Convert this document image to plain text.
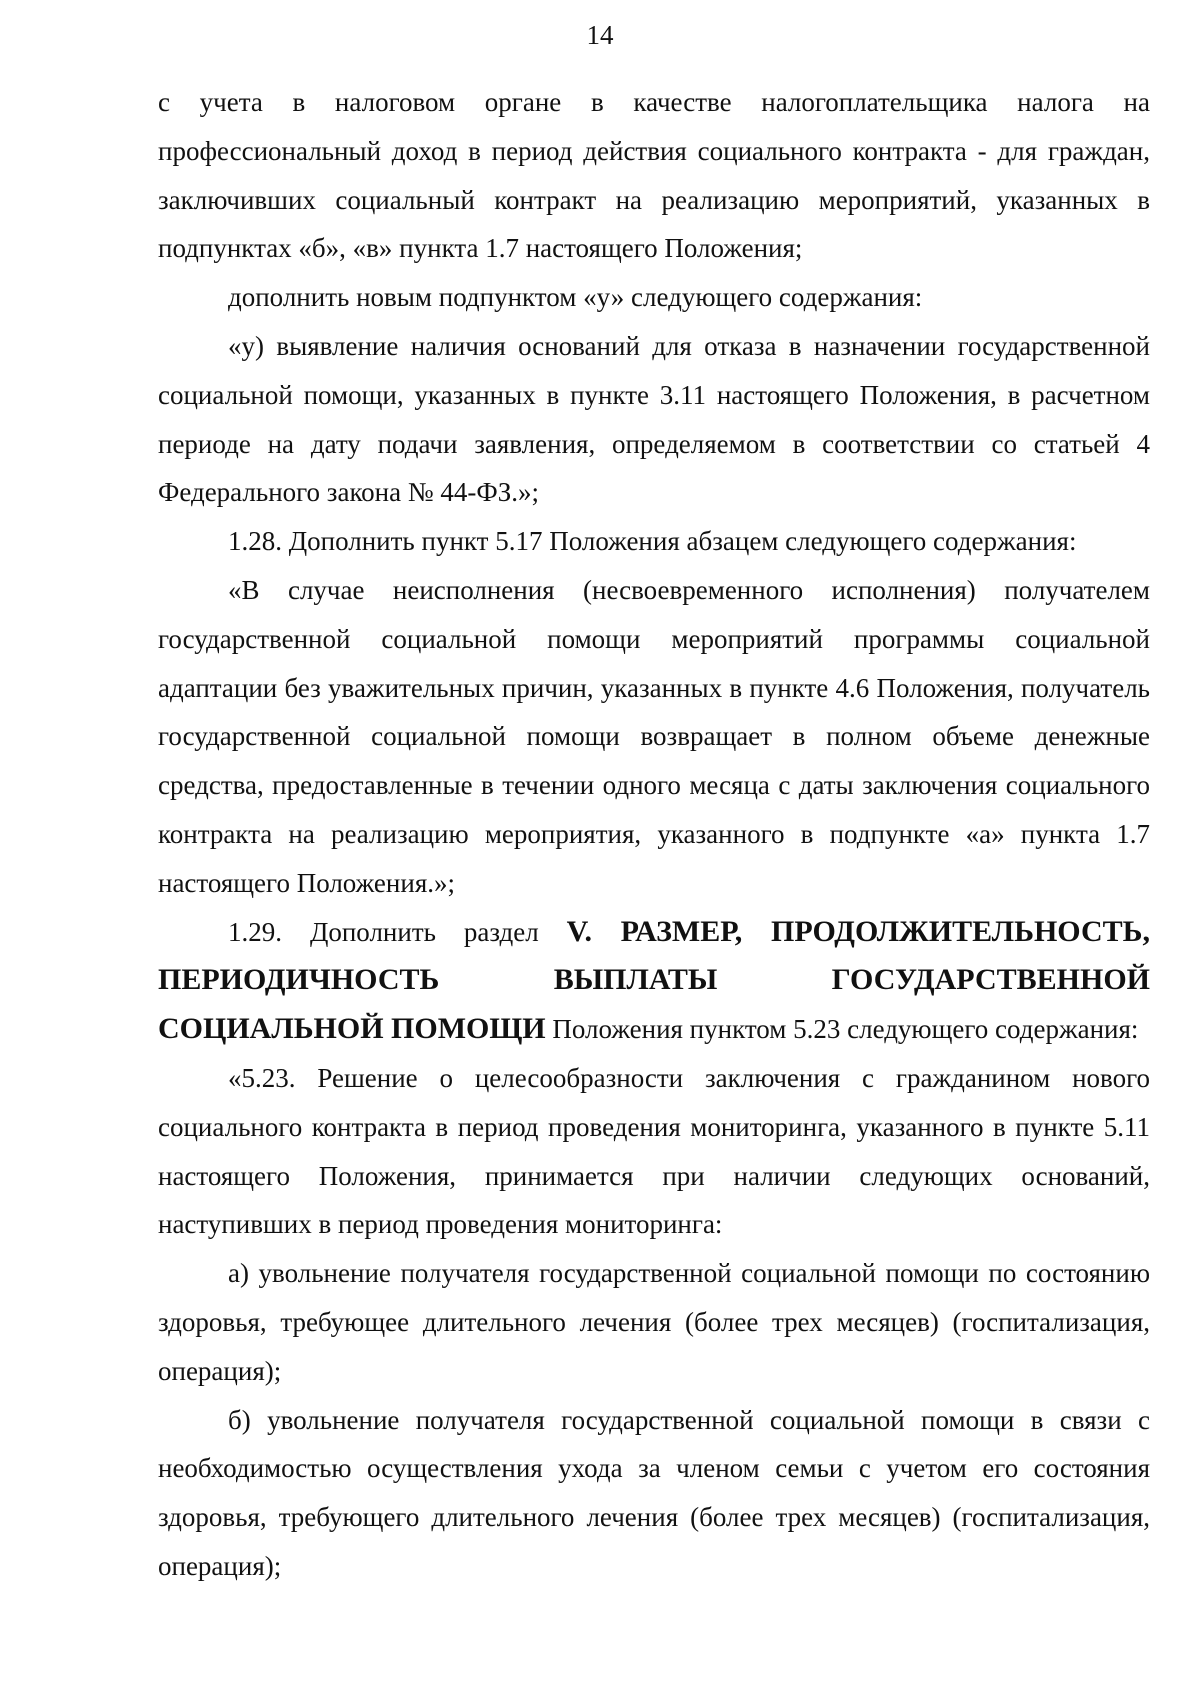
14

с учета в налоговом органе в качестве налогоплательщика налога на профессиональный доход в период действия социального контракта - для граждан, заключивших социальный контракт на реализацию мероприятий, указанных в подпунктах «б», «в» пункта 1.7 настоящего Положения;

дополнить новым подпунктом «у» следующего содержания:

«у) выявление наличия оснований для отказа в назначении государственной социальной помощи, указанных в пункте 3.11 настоящего Положения, в расчетном периоде на дату подачи заявления, определяемом в соответствии со статьей 4 Федерального закона № 44-ФЗ.»;

1.28. Дополнить пункт 5.17 Положения абзацем следующего содержания:

«В случае неисполнения (несвоевременного исполнения) получателем государственной социальной помощи мероприятий программы социальной адаптации без уважительных причин, указанных в пункте 4.6 Положения, получатель государственной социальной помощи возвращает в полном объеме денежные средства, предоставленные в течении одного месяца с даты заключения социального контракта на реализацию мероприятия, указанного в подпункте «а» пункта 1.7 настоящего Положения.»;

1.29. Дополнить раздел V. РАЗМЕР, ПРОДОЛЖИТЕЛЬНОСТЬ, ПЕРИОДИЧНОСТЬ ВЫПЛАТЫ ГОСУДАРСТВЕННОЙ СОЦИАЛЬНОЙ ПОМОЩИ Положения пунктом 5.23 следующего содержания:

«5.23. Решение о целесообразности заключения с гражданином нового социального контракта в период проведения мониторинга, указанного в пункте 5.11 настоящего Положения, принимается при наличии следующих оснований, наступивших в период проведения мониторинга:

а) увольнение получателя государственной социальной помощи по состоянию здоровья, требующее длительного лечения (более трех месяцев) (госпитализация, операция);

б) увольнение получателя государственной социальной помощи в связи с необходимостью осуществления ухода за членом семьи с учетом его состояния здоровья, требующего длительного лечения (более трех месяцев) (госпитализация, операция);
